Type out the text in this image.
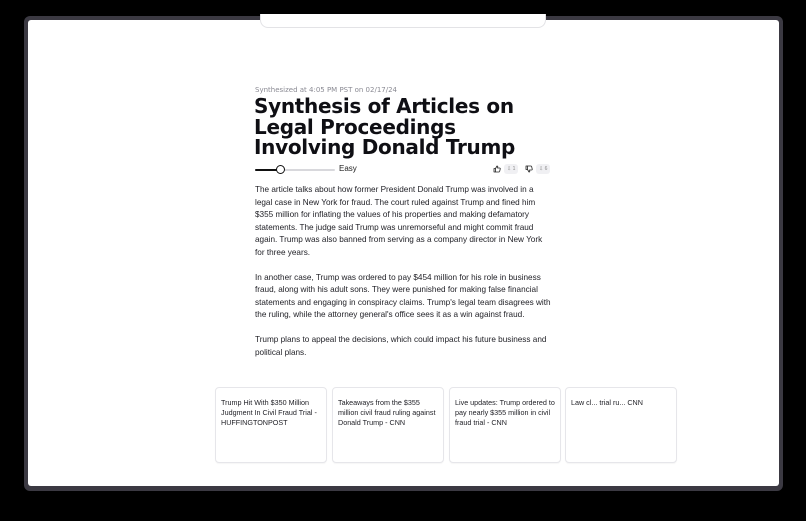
Synthesized at 4:05 PM PST on 02/17/24
Synthesis of Articles on Legal Proceedings Involving Donald Trump
Easy	⇩ 1	⇩ 6

The article talks about how former President Donald Trump was involved in a legal case in New York for fraud. The court ruled against Trump and fined him $355 million for inflating the values of his properties and making defamatory statements. The judge said Trump was unremorseful and might commit fraud again. Trump was also banned from serving as a company director in New York for three years.

In another case, Trump was ordered to pay $454 million for his role in business fraud, along with his adult sons. They were punished for making false financial statements and engaging in conspiracy claims. Trump's legal team disagrees with the ruling, while the attorney general's office sees it as a win against fraud.

Trump plans to appeal the decisions, which could impact his future business and political plans.

Trump Hit With $350 Million Judgment In Civil Fraud Trial - HUFFINGTONPOST
Takeaways from the $355 million civil fraud ruling against Donald Trump - CNN
Live updates: Trump ordered to pay nearly $355 million in civil fraud trial - CNN
Law cl... trial ru... CNN
